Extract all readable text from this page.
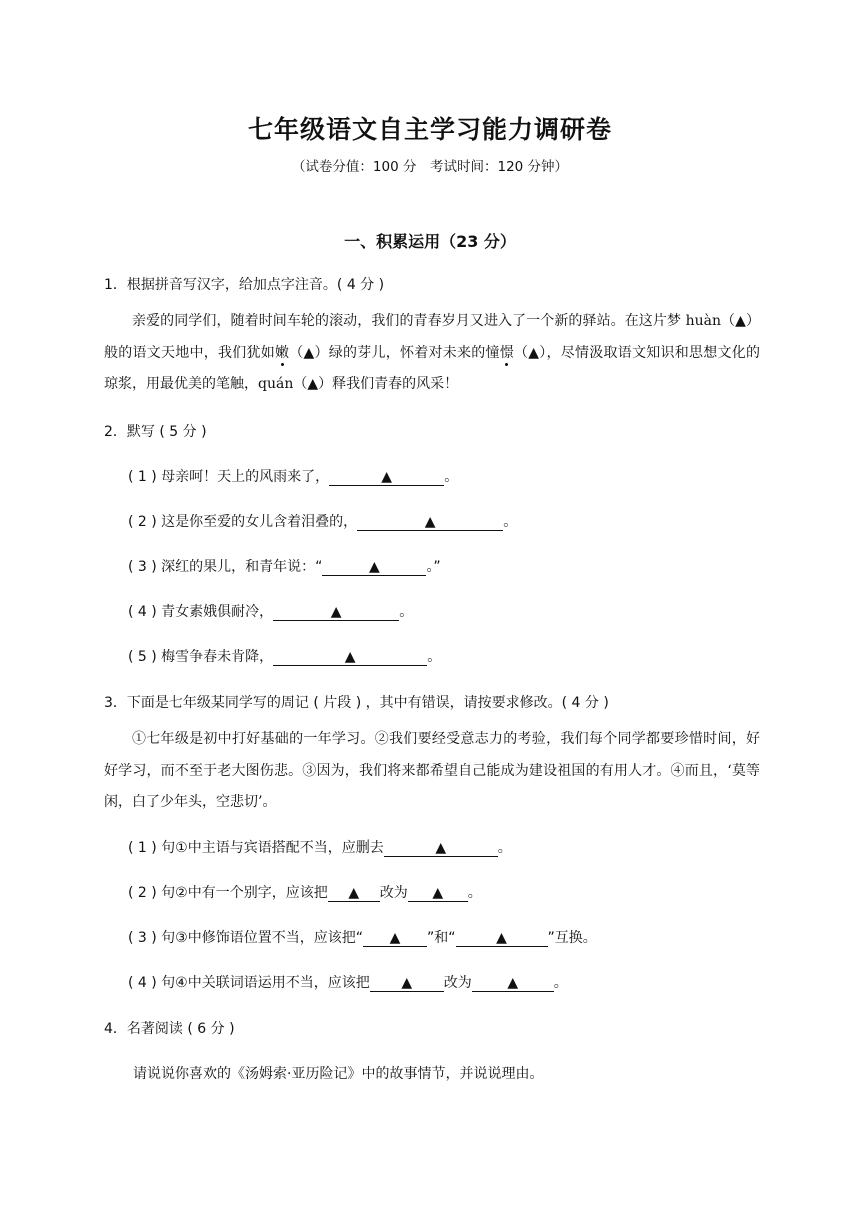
七年级语文自主学习能力调研卷
（试卷分值：100 分　考试时间：120 分钟）
一、积累运用（23 分）
1．根据拼音写汉字，给加点字注音。( 4 分 )
亲爱的同学们，随着时间车轮的滚动，我们的青春岁月又进入了一个新的驿站。在这片梦 huàn（▲）般的语文天地中，我们犹如嫩（▲）绿的芽儿，怀着对未来的憧憬（▲），尽情汲取语文知识和思想文化的琼浆，用最优美的笔触，quán（▲）释我们青春的风采！
2．默写 ( 5 分 )
( 1 ) 母亲呵！天上的风雨来了，	▲	。
( 2 ) 这是你至爱的女儿含着泪叠的，	▲	。
( 3 ) 深红的果儿，和青年说：“	▲	。”
( 4 ) 青女素娥俱耐冷，	▲	。
( 5 ) 梅雪争春未肯降，	▲	。
3．下面是七年级某同学写的周记 ( 片段 ) ，其中有错误，请按要求修改。( 4 分 )
①七年级是初中打好基础的一年学习。②我们要经受意志力的考验，我们每个同学都要珍惜时间，好好学习，而不至于老大图伤悲。③因为，我们将来都希望自己能成为建设祖国的有用人才。④而且，‘莫等闲，白了少年头，空悲切’。
( 1 ) 句①中主语与宾语搭配不当，应删去	▲	。
( 2 ) 句②中有一个别字，应该把 ▲ 改为 ▲ 。
( 3 ) 句③中修饰语位置不当，应该把“ ▲ ”和“	▲	”互换。
( 4 ) 句④中关联词语运用不当，应该把 ▲ 改为	▲	。
4．名著阅读 ( 6 分 )
请说说你喜欢的《汤姆索·亚历险记》中的故事情节，并说说理由。
